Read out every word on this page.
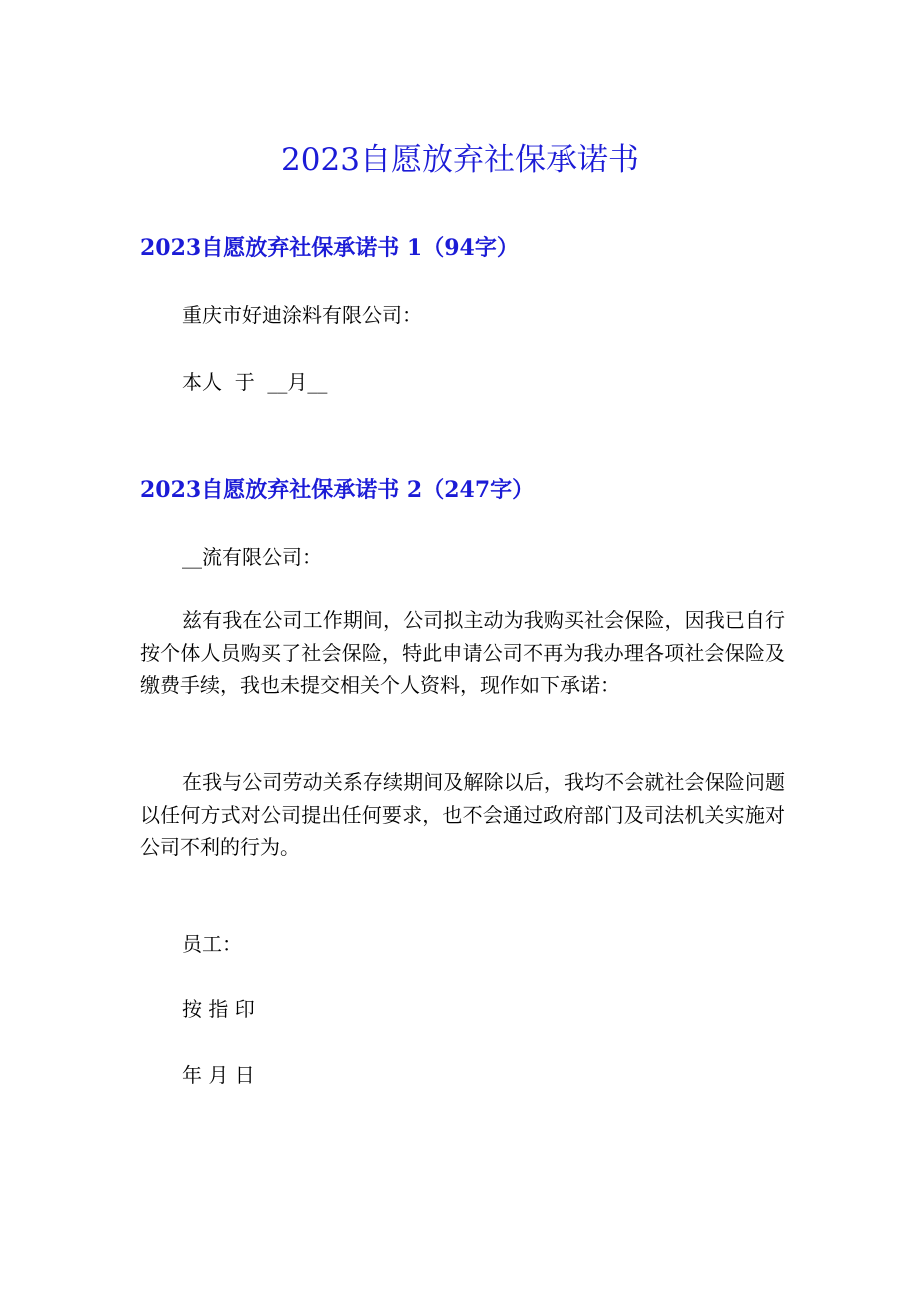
2023自愿放弃社保承诺书
2023自愿放弃社保承诺书 1（94字）

重庆市好迪涂料有限公司：

本人  于  __月__

2023自愿放弃社保承诺书 2（247字）

__流有限公司：

兹有我在公司工作期间，公司拟主动为我购买社会保险，因我已自行按个体人员购买了社会保险，特此申请公司不再为我办理各项社会保险及缴费手续，我也未提交相关个人资料，现作如下承诺：

在我与公司劳动关系存续期间及解除以后，我均不会就社会保险问题以任何方式对公司提出任何要求，也不会通过政府部门及司法机关实施对公司不利的行为。

员工：

按 指 印

年 月 日
